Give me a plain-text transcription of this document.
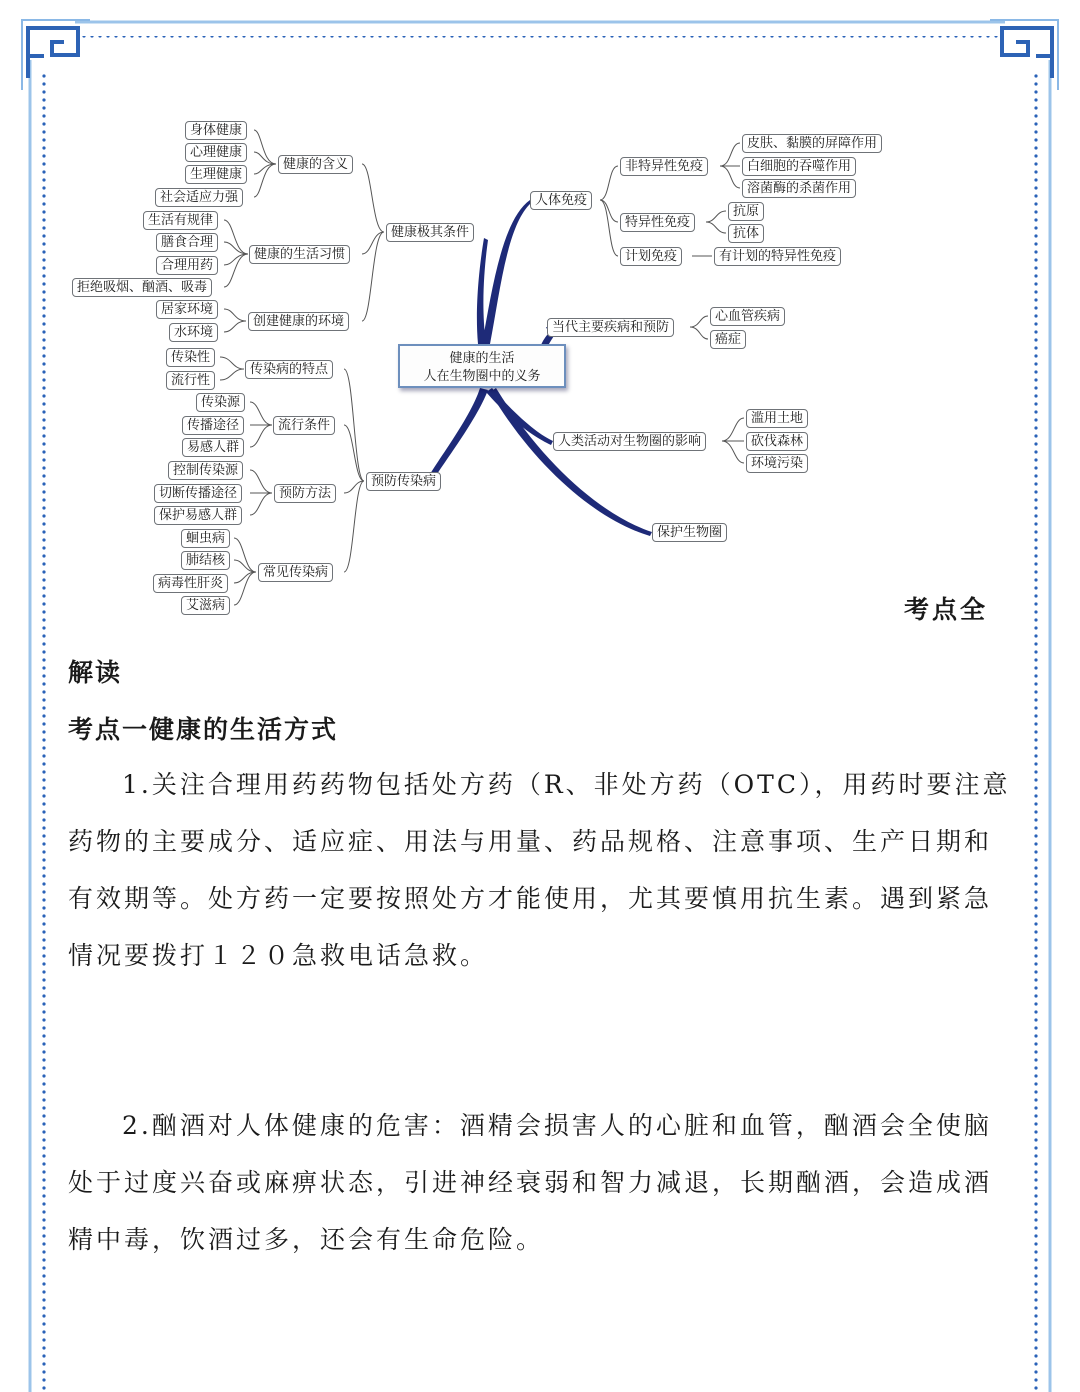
健康的生活
人在生物圈中的义务
健康极其条件
健康的含义
身体健康
心理健康
生理健康
社会适应力强
健康的生活习惯
生活有规律
膳食合理
合理用药
拒绝吸烟、酗酒、吸毒
创建健康的环境
居家环境
水环境
传染病的特点
传染性
流行性
流行条件
传染源
传播途径
易感人群
预防传染病
预防方法
控制传染源
切断传播途径
保护易感人群
常见传染病
蛔虫病
肺结核
病毒性肝炎
艾滋病
人体免疫
非特异性免疫
皮肤、黏膜的屏障作用
白细胞的吞噬作用
溶菌酶的杀菌作用
特异性免疫
抗原
抗体
计划免疫	有计划的特异性免疫
当代主要疾病和预防
心血管疾病
癌症
人类活动对生物圈的影响
滥用土地
砍伐森林
环境污染
保护生物圈
考点全
解读
考点一健康的生活方式

1.关注合理用药药物包括处方药（R、非处方药（OTC），用药时要注意药物的主要成分、适应症、用法与用量、药品规格、注意事项、生产日期和有效期等。处方药一定要按照处方才能使用，尤其要慎用抗生素。遇到紧急情况要拨打１２０急救电话急救。

2.酗酒对人体健康的危害：酒精会损害人的心脏和血管，酗酒会全使脑处于过度兴奋或麻痹状态，引进神经衰弱和智力减退，长期酗酒，会造成酒精中毒，饮酒过多，还会有生命危险。
